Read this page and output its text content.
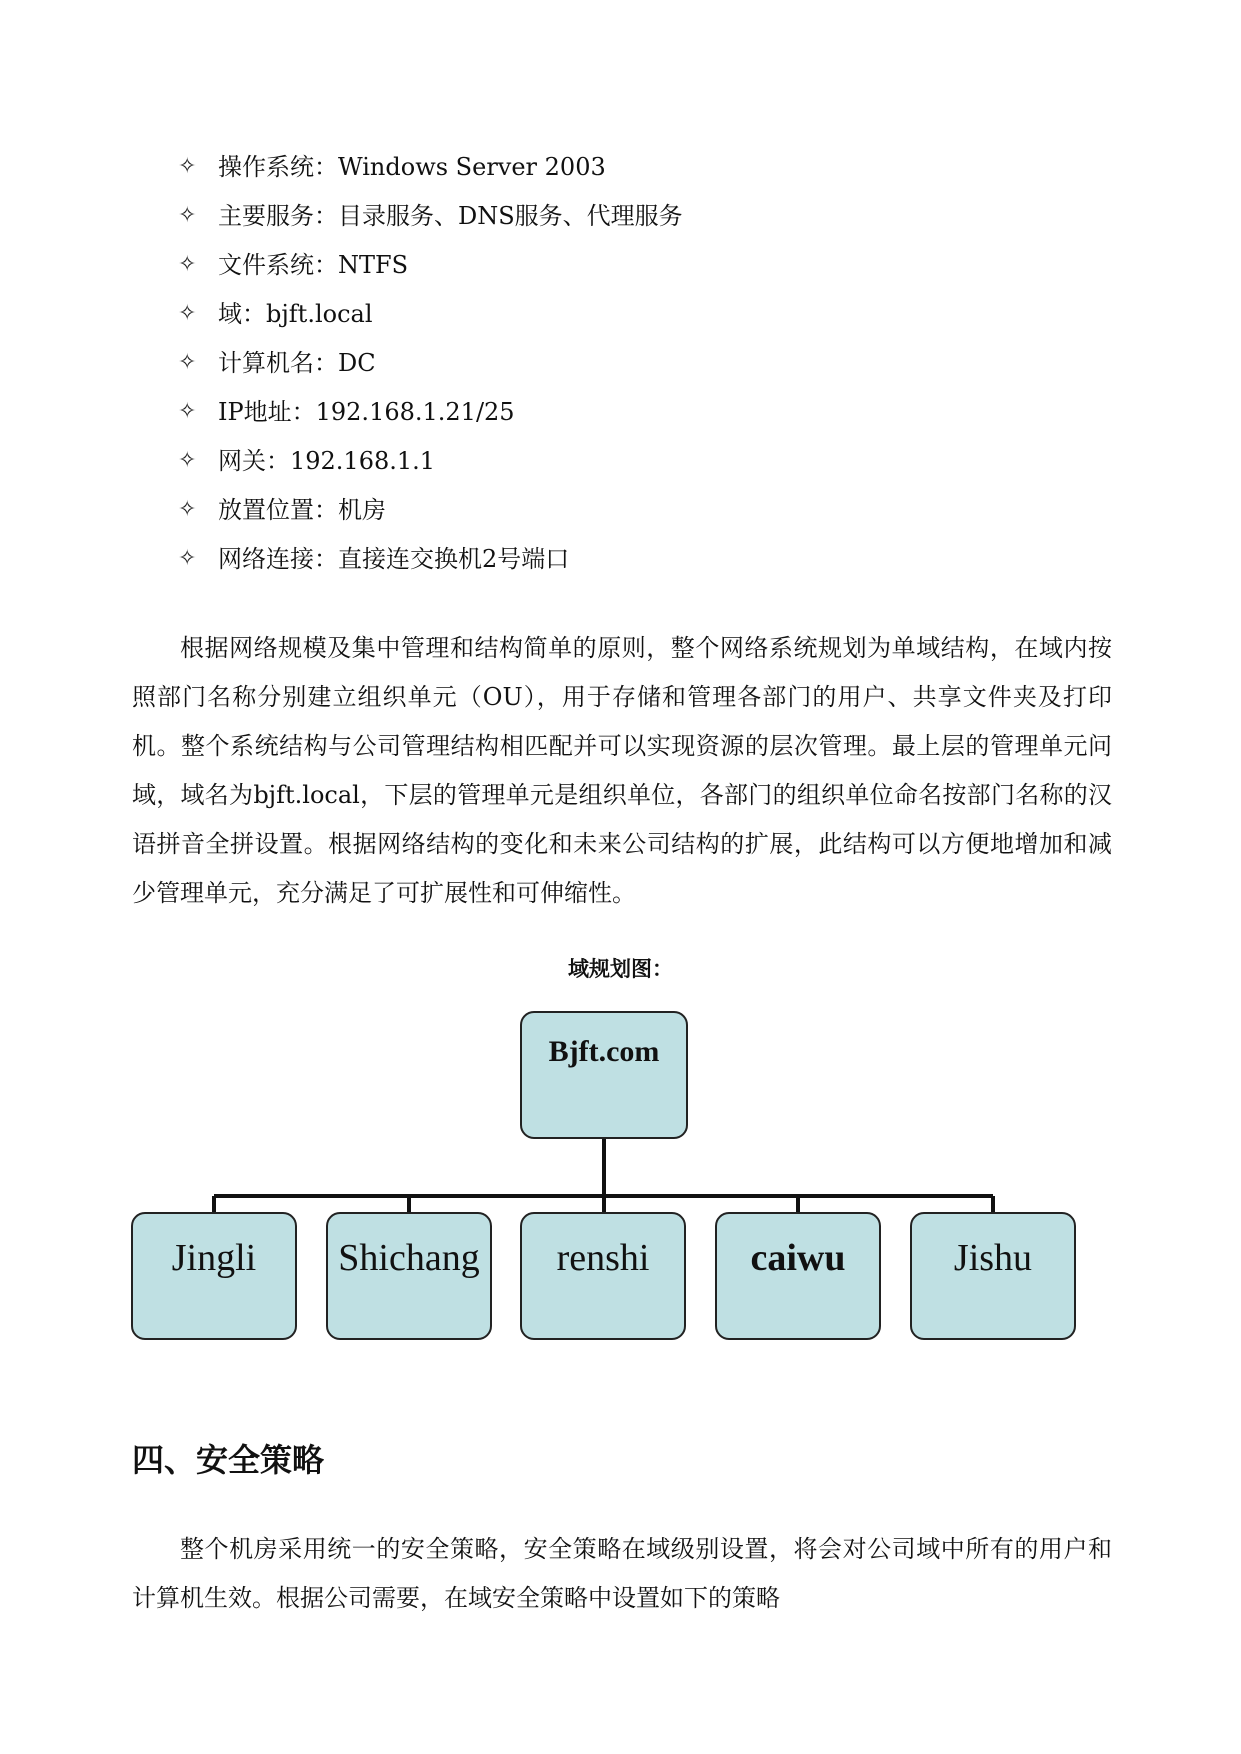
✧ 操作系统：Windows Server 2003
✧ 主要服务：目录服务、DNS服务、代理服务
✧ 文件系统：NTFS
✧ 域：bjft.local
✧ 计算机名：DC
✧ IP地址：192.168.1.21/25
✧ 网关：192.168.1.1
✧ 放置位置：机房
✧ 网络连接：直接连交换机2号端口

根据网络规模及集中管理和结构简单的原则，整个网络系统规划为单域结构，在域内按照部门名称分别建立组织单元（OU），用于存储和管理各部门的用户、共享文件夹及打印机。整个系统结构与公司管理结构相匹配并可以实现资源的层次管理。最上层的管理单元问域，域名为bjft.local，下层的管理单元是组织单位，各部门的组织单位命名按部门名称的汉语拼音全拼设置。根据网络结构的变化和未来公司结构的扩展，此结构可以方便地增加和减少管理单元，充分满足了可扩展性和可伸缩性。

域规划图：

Bjft.com
Jingli	Shichang	renshi	caiwu	Jishu
四、安全策略

整个机房采用统一的安全策略，安全策略在域级别设置，将会对公司域中所有的用户和计算机生效。根据公司需要，在域安全策略中设置如下的策略
